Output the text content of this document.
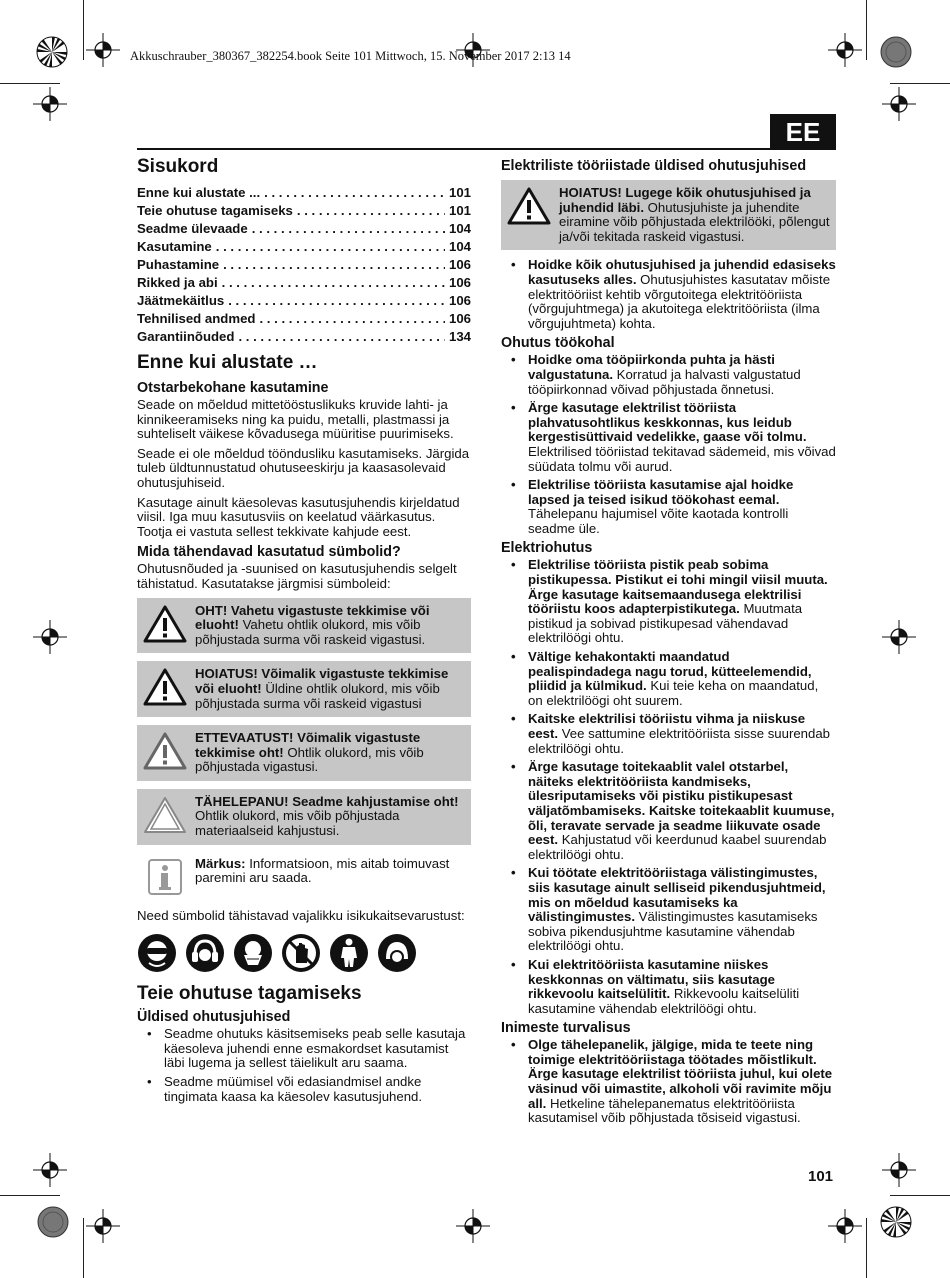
Akkuschrauber_380367_382254.book Seite 101 Mittwoch, 15. November 2017 2:13 14
EE
Sisukord
Enne kui alustate ... . . .	101
Teie ohutuse tagamiseks . . .	101
Seadme ülevaade . . .	104
Kasutamine . . .	104
Puhastamine . . .	106
Rikked ja abi . . .	106
Jäätmekäitlus . . .	106
Tehnilised andmed . . .	106
Garantiinõuded . . .	134
Enne kui alustate …
Otstarbekohane kasutamine

Seade on mõeldud mittetööstuslikuks kruvide lahti- ja kinnikeeramiseks ning ka puidu, metalli, plastmassi ja suhteliselt väikese kõvadusega müüritise puurimiseks.

Seade ei ole mõeldud tööndusliku kasutamiseks. Järgida tuleb üldtunnustatud ohutuseeskirju ja kaasasolevaid ohutusjuhiseid.

Kasutage ainult käesolevas kasutusjuhendis kirjeldatud viisil. Iga muu kasutusviis on keelatud väärkasutus. Tootja ei vastuta sellest tekkivate kahjude eest.

Mida tähendavad kasutatud sümbolid?

Ohutusnõuded ja -suunised on kasutusjuhendis selgelt tähistatud. Kasutatakse järgmisi sümboleid:

OHT! Vahetu vigastuste tekkimise või eluoht! Vahetu ohtlik olukord, mis võib põhjustada surma või raskeid vigastusi.
HOIATUS! Võimalik vigastuste tekkimise või eluoht! Üldine ohtlik olukord, mis võib põhjustada surma või raskeid vigastusi
ETTEVAATUST! Võimalik vigastuste tekkimise oht! Ohtlik olukord, mis võib põhjustada vigastusi.
TÄHELEPANU! Seadme kahjustamise oht! Ohtlik olukord, mis võib põhjustada materiaalseid kahjustusi.
Märkus: Informatsioon, mis aitab toimuvast paremini aru saada.

Need sümbolid tähistavad vajalikku isikukaitsevarustust:

Teie ohutuse tagamiseks
Üldised ohutusjuhised
• Seadme ohutuks käsitsemiseks peab selle kasutaja käesoleva juhendi enne esmakordset kasutamist läbi lugema ja sellest täielikult aru saama.
• Seadme müümisel või edasiandmisel andke tingimata kaasa ka käesolev kasutusjuhend.
Elektriliste tööriistade üldised ohutusjuhised
HOIATUS! Lugege kõik ohutusjuhised ja juhendid läbi. Ohutusjuhiste ja juhendite eiramine võib põhjustada elektrilööki, põlengut ja/või tekitada raskeid vigastusi.
• Hoidke kõik ohutusjuhised ja juhendid edasiseks kasutuseks alles. Ohutusjuhistes kasutatav mõiste elektritööriist kehtib võrgutoitega elektritööriista (võrgujuhtmega) ja akutoitega elektritööriista (ilma võrgujuhtmeta) kohta.
Ohutus töökohal
• Hoidke oma tööpiirkonda puhta ja hästi valgustatuna. Korratud ja halvasti valgustatud tööpiirkonnad võivad põhjustada õnnetusi.
• Ärge kasutage elektrilist tööriista plahvatusohtlikus keskkonnas, kus leidub kergestisüttivaid vedelikke, gaase või tolmu. Elektrilised tööriistad tekitavad sädemeid, mis võivad süüdata tolmu või aurud.
• Elektrilise tööriista kasutamise ajal hoidke lapsed ja teised isikud töökohast eemal. Tähelepanu hajumisel võite kaotada kontrolli seadme üle.
Elektriohutus
• Elektrilise tööriista pistik peab sobima pistikupessa. Pistikut ei tohi mingil viisil muuta. Ärge kasutage kaitsemaandusega elektrilisi tööriistu koos adapterpistikutega. Muutmata pistikud ja sobivad pistikupesad vähendavad elektrilöögi ohtu.
• Vältige kehakontakti maandatud pealispindadega nagu torud, kütteelemendid, pliidid ja külmikud. Kui teie keha on maandatud, on elektrilöögi oht suurem.
• Kaitske elektrilisi tööriistu vihma ja niiskuse eest. Vee sattumine elektritööriista sisse suurendab elektrilöögi ohtu.
• Ärge kasutage toitekaablit valel otstarbel, näiteks elektritööriista kandmiseks, ülesriputamiseks või pistiku pistikupesast väljatõmbamiseks. Kaitske toitekaablit kuumuse, õli, teravate servade ja seadme liikuvate osade eest. Kahjustatud või keerdunud kaabel suurendab elektrilöögi ohtu.
• Kui töötate elektritööriistaga välistingimustes, siis kasutage ainult selliseid pikendusjuhtmeid, mis on mõeldud kasutamiseks ka välistingimustes. Välistingimustes kasutamiseks sobiva pikendusjuhtme kasutamine vähendab elektrilöögi ohtu.
• Kui elektritööriista kasutamine niiskes keskkonnas on vältimatu, siis kasutage rikkevoolu kaitselülitit. Rikkevoolu kaitselüliti kasutamine vähendab elektrilöögi ohtu.
Inimeste turvalisus
• Olge tähelepanelik, jälgige, mida te teete ning toimige elektritööriistaga töötades mõistlikult. Ärge kasutage elektrilist tööriista juhul, kui olete väsinud või uimastite, alkoholi või ravimite mõju all. Hetkeline tähelepanematus elektritööriista kasutamisel võib põhjustada tõsiseid vigastusi.
101
